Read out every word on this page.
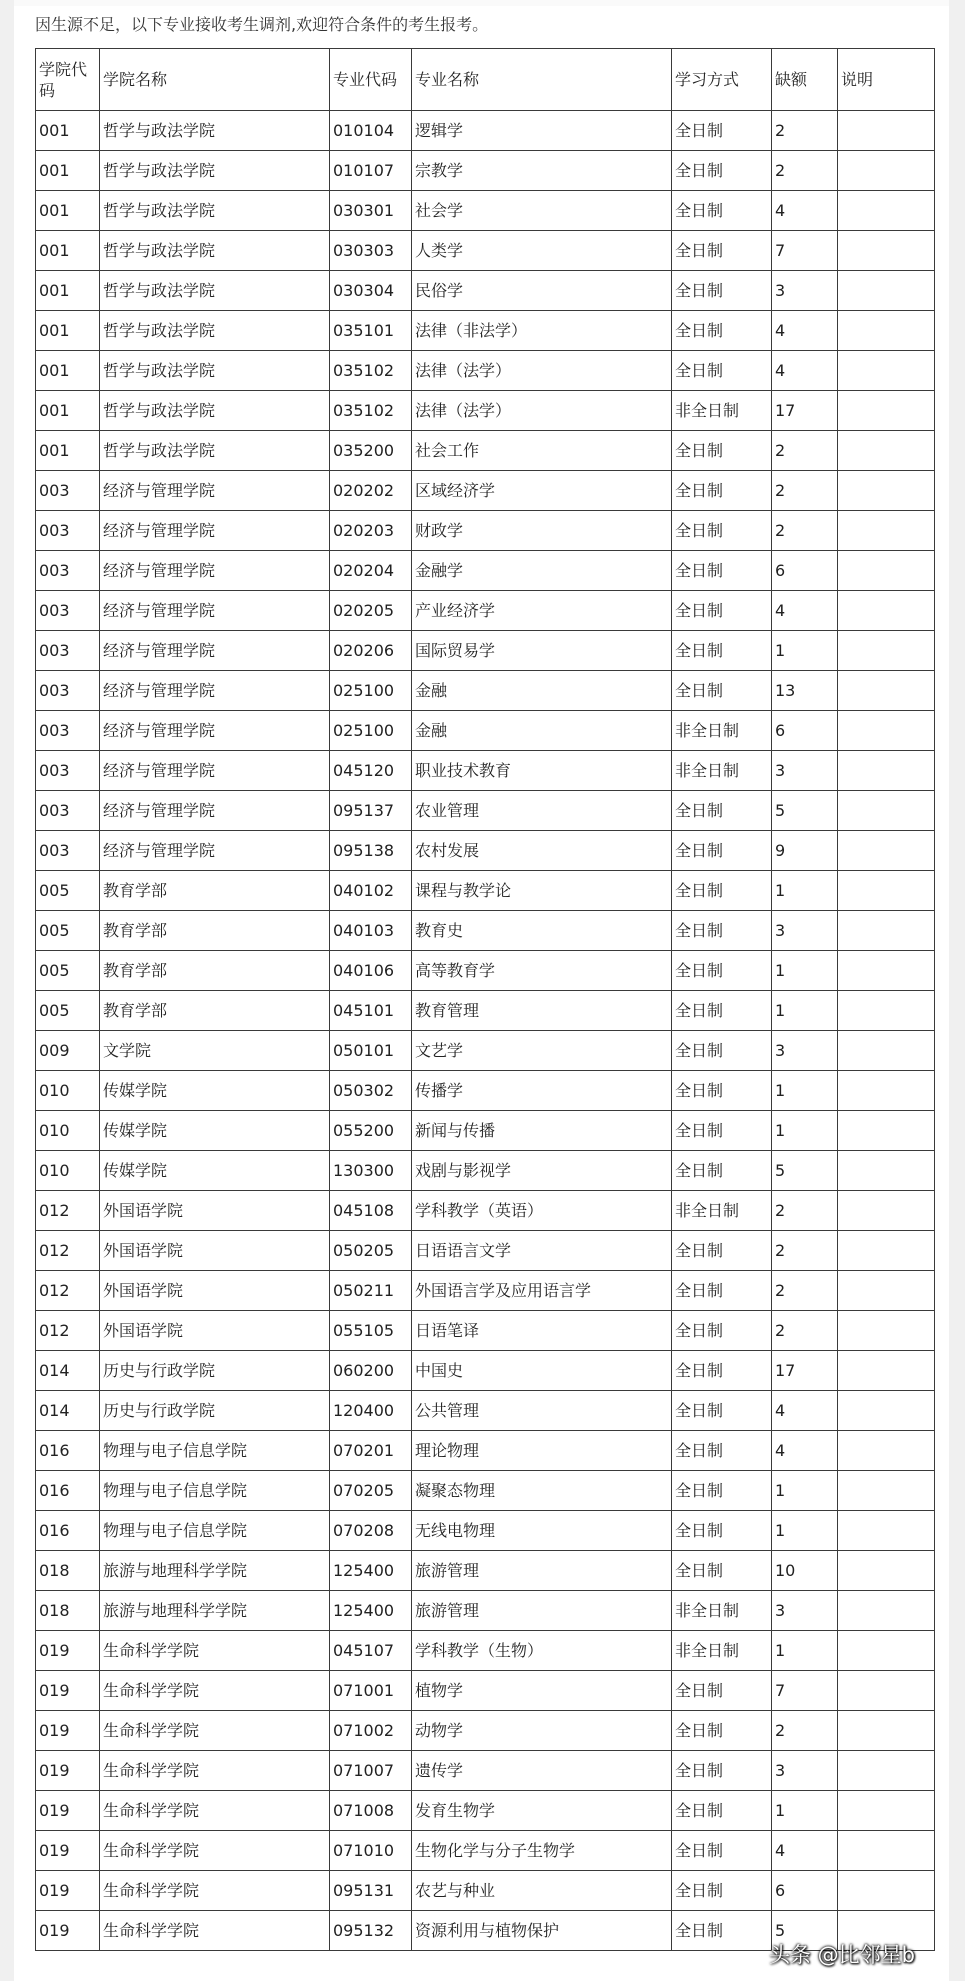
因生源不足，以下专业接收考生调剂,欢迎符合条件的考生报考。
学院代码	学院名称	专业代码	专业名称	学习方式	缺额	说明
001	哲学与政法学院	010104	逻辑学	全日制	2	
001	哲学与政法学院	010107	宗教学	全日制	2	
001	哲学与政法学院	030301	社会学	全日制	4	
001	哲学与政法学院	030303	人类学	全日制	7	
001	哲学与政法学院	030304	民俗学	全日制	3	
001	哲学与政法学院	035101	法律（非法学）	全日制	4	
001	哲学与政法学院	035102	法律（法学）	全日制	4	
001	哲学与政法学院	035102	法律（法学）	非全日制	17	
001	哲学与政法学院	035200	社会工作	全日制	2	
003	经济与管理学院	020202	区域经济学	全日制	2	
003	经济与管理学院	020203	财政学	全日制	2	
003	经济与管理学院	020204	金融学	全日制	6	
003	经济与管理学院	020205	产业经济学	全日制	4	
003	经济与管理学院	020206	国际贸易学	全日制	1	
003	经济与管理学院	025100	金融	全日制	13	
003	经济与管理学院	025100	金融	非全日制	6	
003	经济与管理学院	045120	职业技术教育	非全日制	3	
003	经济与管理学院	095137	农业管理	全日制	5	
003	经济与管理学院	095138	农村发展	全日制	9	
005	教育学部	040102	课程与教学论	全日制	1	
005	教育学部	040103	教育史	全日制	3	
005	教育学部	040106	高等教育学	全日制	1	
005	教育学部	045101	教育管理	全日制	1	
009	文学院	050101	文艺学	全日制	3	
010	传媒学院	050302	传播学	全日制	1	
010	传媒学院	055200	新闻与传播	全日制	1	
010	传媒学院	130300	戏剧与影视学	全日制	5	
012	外国语学院	045108	学科教学（英语）	非全日制	2	
012	外国语学院	050205	日语语言文学	全日制	2	
012	外国语学院	050211	外国语言学及应用语言学	全日制	2	
012	外国语学院	055105	日语笔译	全日制	2	
014	历史与行政学院	060200	中国史	全日制	17	
014	历史与行政学院	120400	公共管理	全日制	4	
016	物理与电子信息学院	070201	理论物理	全日制	4	
016	物理与电子信息学院	070205	凝聚态物理	全日制	1	
016	物理与电子信息学院	070208	无线电物理	全日制	1	
018	旅游与地理科学学院	125400	旅游管理	全日制	10	
018	旅游与地理科学学院	125400	旅游管理	非全日制	3	
019	生命科学学院	045107	学科教学（生物）	非全日制	1	
019	生命科学学院	071001	植物学	全日制	7	
019	生命科学学院	071002	动物学	全日制	2	
019	生命科学学院	071007	遗传学	全日制	3	
019	生命科学学院	071008	发育生物学	全日制	1	
019	生命科学学院	071010	生物化学与分子生物学	全日制	4	
019	生命科学学院	095131	农艺与种业	全日制	6	
019	生命科学学院	095132	资源利用与植物保护	全日制	5	
头条 @比邻星b
